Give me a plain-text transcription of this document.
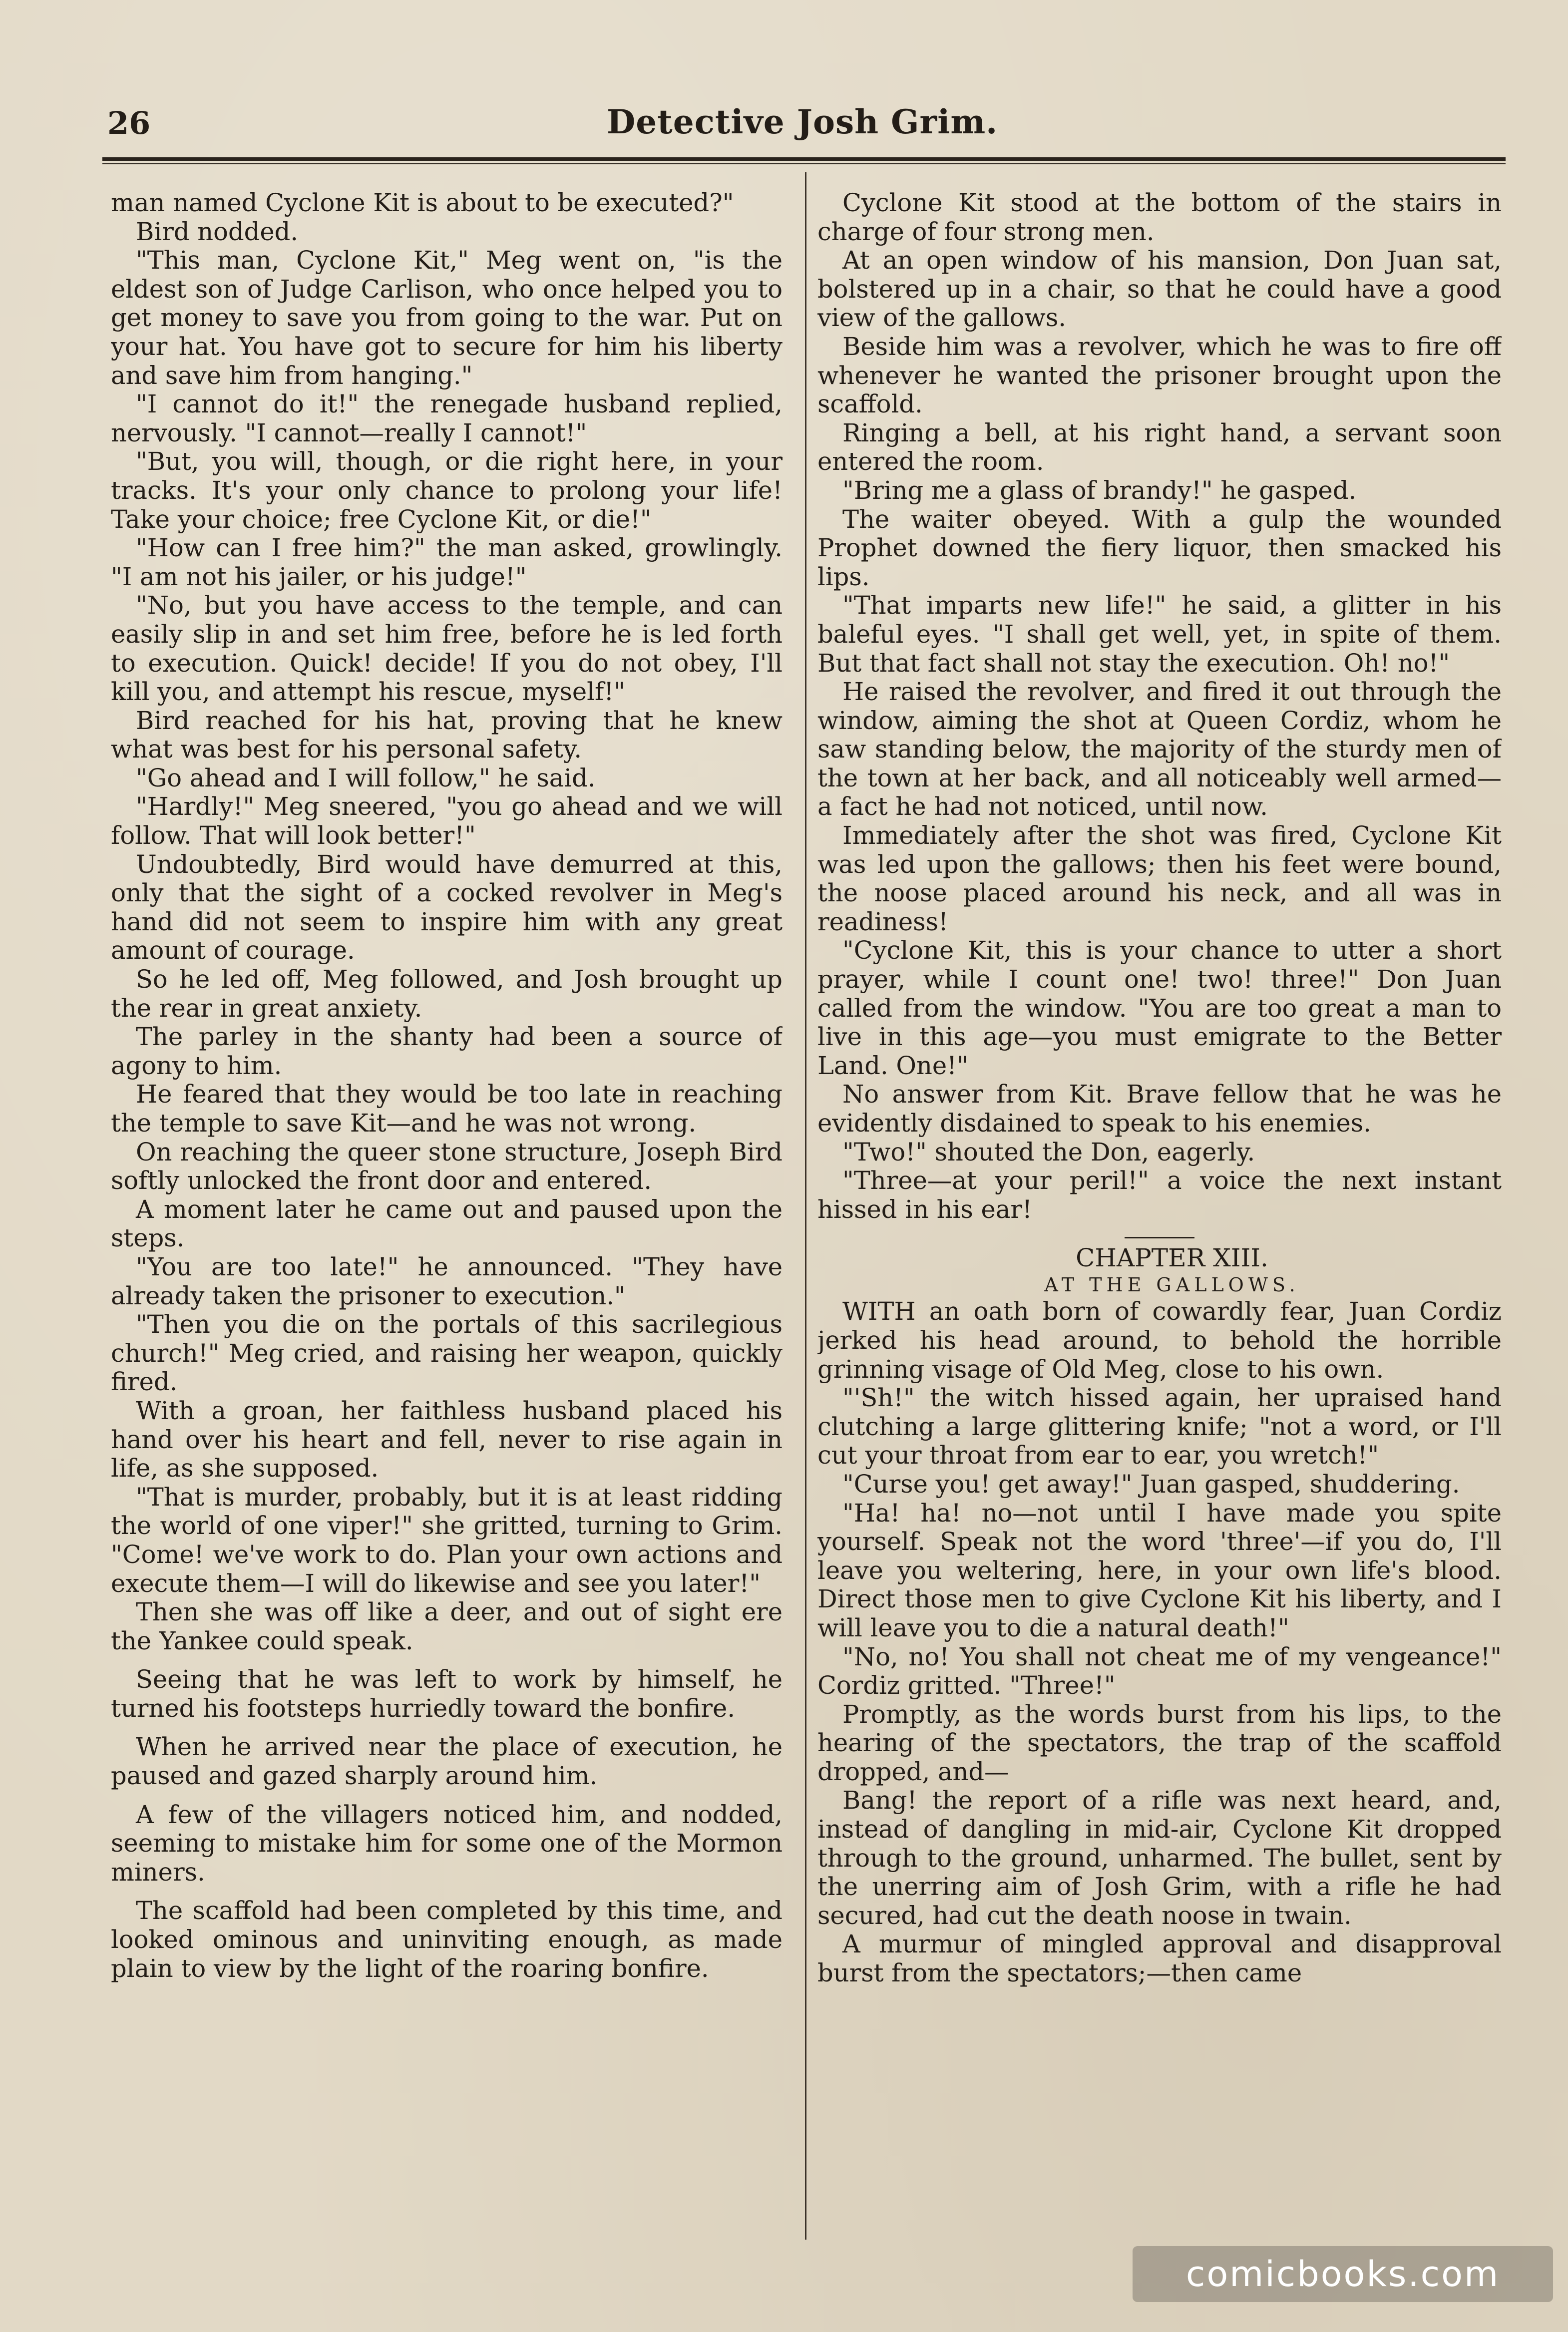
26	Detective Josh Grim.

man named Cyclone Kit is about to be executed?"

Bird nodded.

"This man, Cyclone Kit," Meg went on, "is the eldest son of Judge Carlison, who once helped you to get money to save you from going to the war. Put on your hat. You have got to secure for him his liberty and save him from hanging."

"I cannot do it!" the renegade husband replied, nervously. "I cannot—really I cannot!"

"But, you will, though, or die right here, in your tracks. It's your only chance to prolong your life! Take your choice; free Cyclone Kit, or die!"

"How can I free him?" the man asked, growlingly. "I am not his jailer, or his judge!"

"No, but you have access to the temple, and can easily slip in and set him free, before he is led forth to execution. Quick! decide! If you do not obey, I'll kill you, and attempt his rescue, myself!"

Bird reached for his hat, proving that he knew what was best for his personal safety.

"Go ahead and I will follow," he said.

"Hardly!" Meg sneered, "you go ahead and we will follow. That will look better!"

Undoubtedly, Bird would have demurred at this, only that the sight of a cocked revolver in Meg's hand did not seem to inspire him with any great amount of courage.

So he led off, Meg followed, and Josh brought up the rear in great anxiety.

The parley in the shanty had been a source of agony to him.

He feared that they would be too late in reaching the temple to save Kit—and he was not wrong.

On reaching the queer stone structure, Joseph Bird softly unlocked the front door and entered.

A moment later he came out and paused upon the steps.

"You are too late!" he announced. "They have already taken the prisoner to execution."

"Then you die on the portals of this sacrilegious church!" Meg cried, and raising her weapon, quickly fired.

With a groan, her faithless husband placed his hand over his heart and fell, never to rise again in life, as she supposed.

"That is murder, probably, but it is at least ridding the world of one viper!" she gritted, turning to Grim. "Come! we've work to do. Plan your own actions and execute them—I will do likewise and see you later!"

Then she was off like a deer, and out of sight ere the Yankee could speak.

Seeing that he was left to work by himself, he turned his footsteps hurriedly toward the bonfire.

When he arrived near the place of execution, he paused and gazed sharply around him.

A few of the villagers noticed him, and nodded, seeming to mistake him for some one of the Mormon miners.

The scaffold had been completed by this time, and looked ominous and uninviting enough, as made plain to view by the light of the roaring bonfire.

Cyclone Kit stood at the bottom of the stairs in charge of four strong men.

At an open window of his mansion, Don Juan sat, bolstered up in a chair, so that he could have a good view of the gallows.

Beside him was a revolver, which he was to fire off whenever he wanted the prisoner brought upon the scaffold.

Ringing a bell, at his right hand, a servant soon entered the room.

"Bring me a glass of brandy!" he gasped.

The waiter obeyed. With a gulp the wounded Prophet downed the fiery liquor, then smacked his lips.

"That imparts new life!" he said, a glitter in his baleful eyes. "I shall get well, yet, in spite of them. But that fact shall not stay the execution. Oh! no!"

He raised the revolver, and fired it out through the window, aiming the shot at Queen Cordiz, whom he saw standing below, the majority of the sturdy men of the town at her back, and all noticeably well armed—a fact he had not noticed, until now.

Immediately after the shot was fired, Cyclone Kit was led upon the gallows; then his feet were bound, the noose placed around his neck, and all was in readiness!

"Cyclone Kit, this is your chance to utter a short prayer, while I count one! two! three!" Don Juan called from the window. "You are too great a man to live in this age—you must emigrate to the Better Land. One!"

No answer from Kit. Brave fellow that he was he evidently disdained to speak to his enemies.

"Two!" shouted the Don, eagerly.

"Three—at your peril!" a voice the next instant hissed in his ear!

CHAPTER XIII.

AT THE GALLOWS.

WITH an oath born of cowardly fear, Juan Cordiz jerked his head around, to behold the horrible grinning visage of Old Meg, close to his own.

"'Sh!" the witch hissed again, her upraised hand clutching a large glittering knife; "not a word, or I'll cut your throat from ear to ear, you wretch!"

"Curse you! get away!" Juan gasped, shuddering.

"Ha! ha! no—not until I have made you spite yourself. Speak not the word 'three'—if you do, I'll leave you weltering, here, in your own life's blood. Direct those men to give Cyclone Kit his liberty, and I will leave you to die a natural death!"

"No, no! You shall not cheat me of my vengeance!" Cordiz gritted. "Three!"

Promptly, as the words burst from his lips, to the hearing of the spectators, the trap of the scaffold dropped, and—

Bang! the report of a rifle was next heard, and, instead of dangling in mid-air, Cyclone Kit dropped through to the ground, unharmed. The bullet, sent by the unerring aim of Josh Grim, with a rifle he had secured, had cut the death noose in twain.

A murmur of mingled approval and disapproval burst from the spectators;—then came

comicbooks.com
